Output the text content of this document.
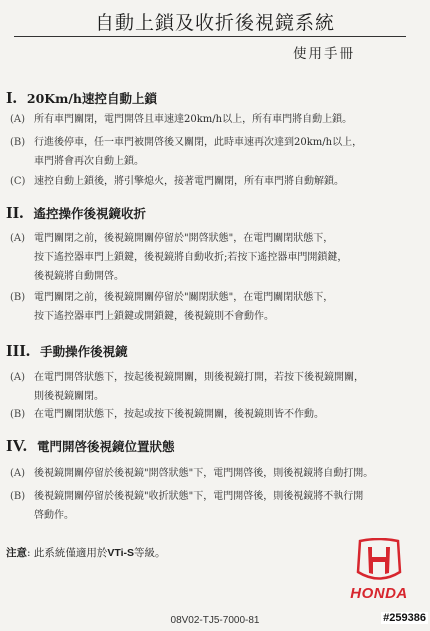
自動上鎖及收折後視鏡系統
使用手冊
I. 20Km/h速控自動上鎖
(A) 所有車門關閉，電門開啓且車速達20km/h以上，所有車門將自動上鎖。
(B) 行進後停車，任一車門被開啓後又關閉，此時車速再次達到20km/h以上，
車門將會再次自動上鎖。
(C) 速控自動上鎖後，將引擎熄火，接著電門關閉，所有車門將自動解鎖。
II. 遙控操作後視鏡收折
(A) 電門關閉之前，後視鏡開關停留於"開啓狀態"，在電門關閉狀態下，
按下遙控器車門上鎖鍵，後視鏡將自動收折;若按下遙控器車門開鎖鍵，
後視鏡將自動開啓。
(B) 電門關閉之前，後視鏡開關停留於"關閉狀態"，在電門關閉狀態下，
按下遙控器車門上鎖鍵或開鎖鍵，後視鏡則不會動作。
III. 手動操作後視鏡
(A) 在電門開啓狀態下，按起後視鏡開關，則後視鏡打開，若按下後視鏡開關，
則後視鏡關閉。
(B) 在電門關閉狀態下，按起或按下後視鏡開關，後視鏡則皆不作動。
IV. 電門開啓後視鏡位置狀態
(A) 後視鏡開關停留於後視鏡"開啓狀態"下，電門開啓後，則後視鏡將自動打開。
(B) 後視鏡開關停留於後視鏡"收折狀態"下，電門開啓後，則後視鏡將不執行開
啓動作。
注意: 此系統僅適用於VTi-S等級。
HONDA
08V02-TJ5-7000-81	#259386
